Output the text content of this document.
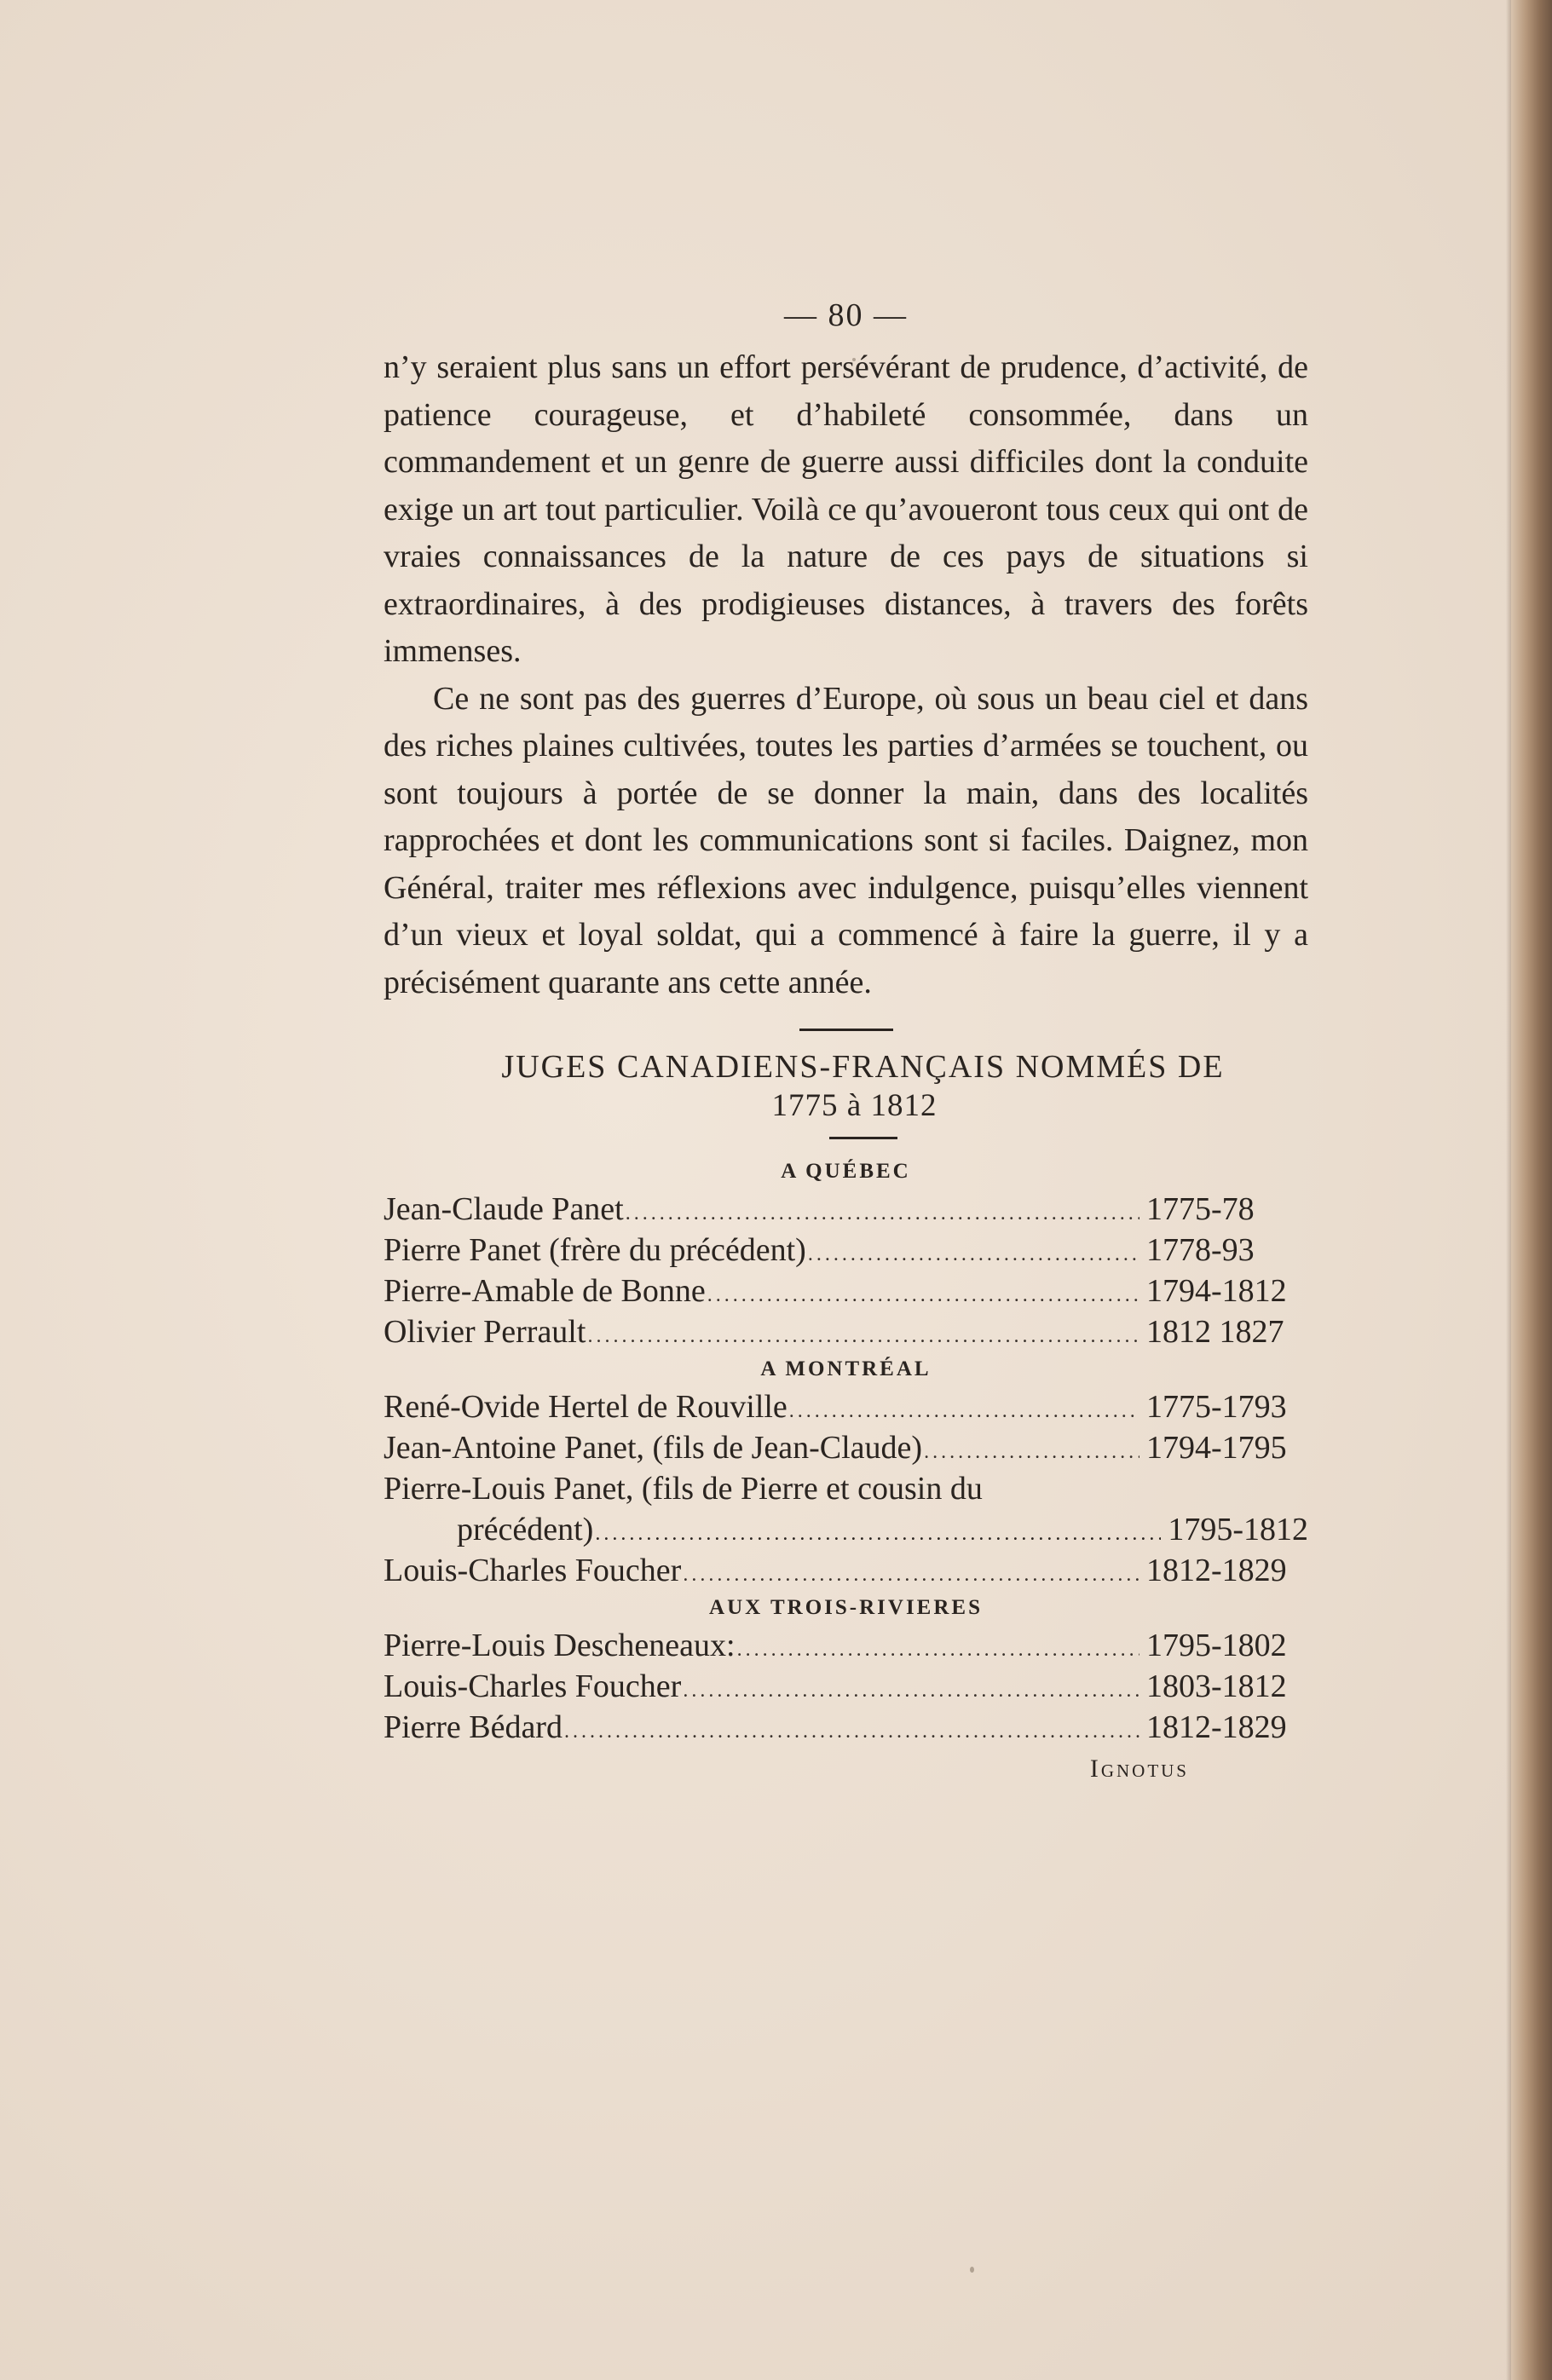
— 80 —

n’y seraient plus sans un effort persévérant de prudence, d’activité, de patience courageuse, et d’habileté consommée, dans un commandement et un genre de guerre aussi difficiles dont la conduite exige un art tout particulier. Voilà ce qu’avoueront tous ceux qui ont de vraies connaissances de la nature de ces pays de situations si extraordinaires, à des prodigieuses distances, à travers des forêts immenses.

Ce ne sont pas des guerres d’Europe, où sous un beau ciel et dans des riches plaines cultivées, toutes les parties d’armées se touchent, ou sont toujours à portée de se donner la main, dans des localités rapprochées et dont les communications sont si faciles. Daignez, mon Général, traiter mes réflexions avec indulgence, puisqu’elles viennent d’un vieux et loyal soldat, qui a commencé à faire la guerre, il y a précisément quarante ans cette année.

JUGES CANADIENS-FRANÇAIS NOMMÉS DE
1775 à 1812
A QUÉBEC
Jean-Claude Panet .....	1775-78
Pierre Panet (frère du précédent) .....	1778-93
Pierre-Amable de Bonne .....	1794-1812
Olivier Perrault .....	1812 1827
A MONTRÉAL
René-Ovide Hertel de Rouville .....	1775-1793
Jean-Antoine Panet, (fils de Jean-Claude) .....	1794-1795
Pierre-Louis Panet, (fils de Pierre et cousin du
précédent) .....	1795-1812
Louis-Charles Foucher .....	1812-1829
AUX TROIS-RIVIERES
Pierre-Louis Descheneaux: .....	1795-1802
Louis-Charles Foucher .....	1803-1812
Pierre Bédard .....	1812-1829
Ignotus
